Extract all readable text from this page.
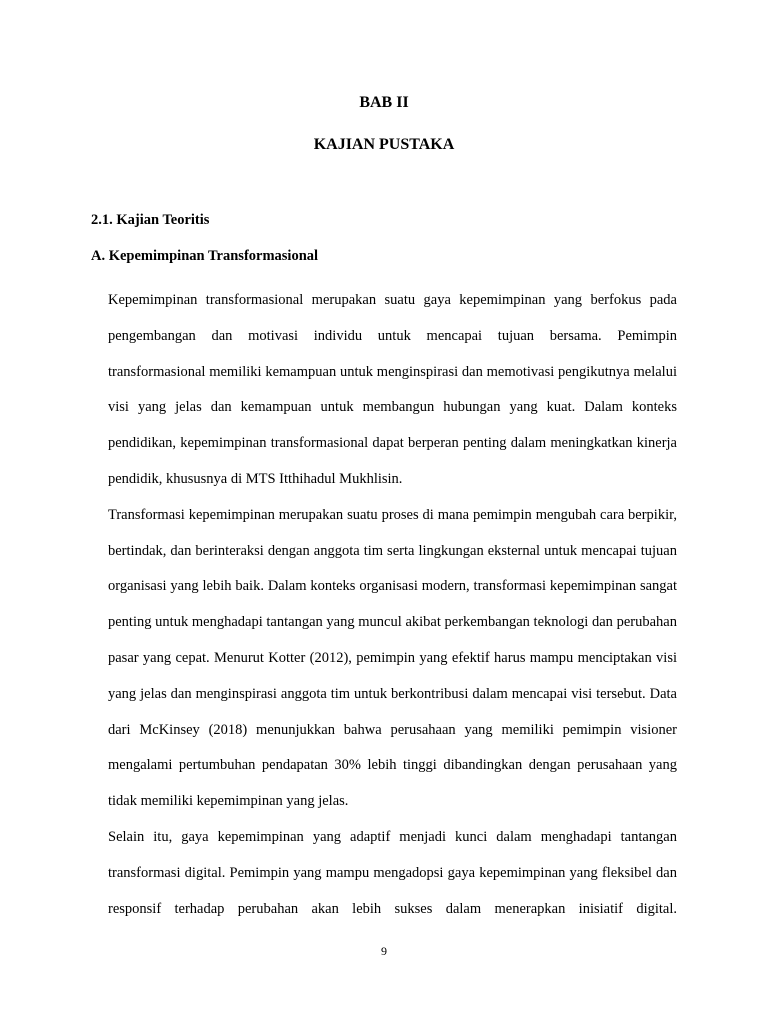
BAB II
KAJIAN PUSTAKA
2.1. Kajian Teoritis
A. Kepemimpinan Transformasional

Kepemimpinan transformasional merupakan suatu gaya kepemimpinan yang berfokus pada pengembangan dan motivasi individu untuk mencapai tujuan bersama. Pemimpin transformasional memiliki kemampuan untuk menginspirasi dan memotivasi pengikutnya melalui visi yang jelas dan kemampuan untuk membangun hubungan yang kuat. Dalam konteks pendidikan, kepemimpinan transformasional dapat berperan penting dalam meningkatkan kinerja pendidik, khususnya di MTS Itthihadul Mukhlisin.

Transformasi kepemimpinan merupakan suatu proses di mana pemimpin mengubah cara berpikir, bertindak, dan berinteraksi dengan anggota tim serta lingkungan eksternal untuk mencapai tujuan organisasi yang lebih baik. Dalam konteks organisasi modern, transformasi kepemimpinan sangat penting untuk menghadapi tantangan yang muncul akibat perkembangan teknologi dan perubahan pasar yang cepat. Menurut Kotter (2012), pemimpin yang efektif harus mampu menciptakan visi yang jelas dan menginspirasi anggota tim untuk berkontribusi dalam mencapai visi tersebut. Data dari McKinsey (2018) menunjukkan bahwa perusahaan yang memiliki pemimpin visioner mengalami pertumbuhan pendapatan 30% lebih tinggi dibandingkan dengan perusahaan yang tidak memiliki kepemimpinan yang jelas.

Selain itu, gaya kepemimpinan yang adaptif menjadi kunci dalam menghadapi tantangan transformasi digital. Pemimpin yang mampu mengadopsi gaya kepemimpinan yang fleksibel dan responsif terhadap perubahan akan lebih sukses dalam menerapkan inisiatif digital.

9
